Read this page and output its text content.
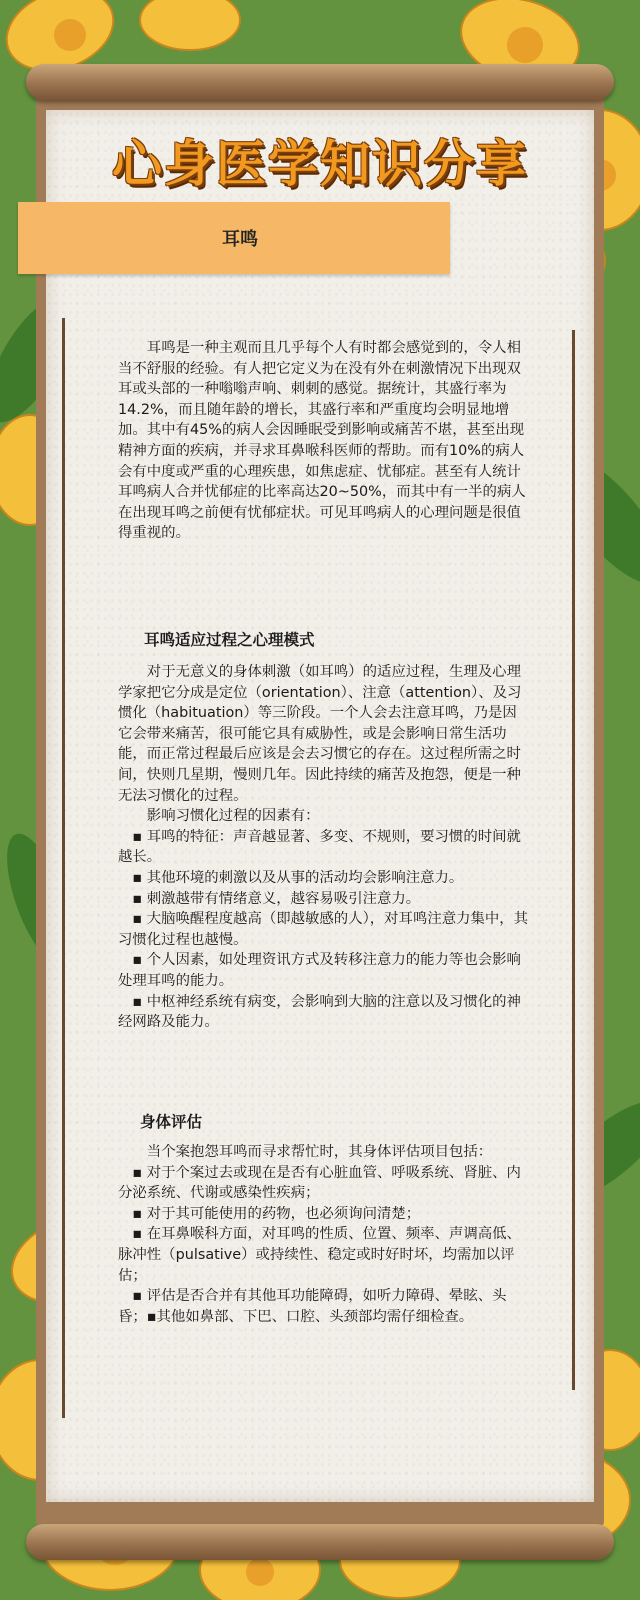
心身医学知识分享
耳鸣

耳鸣是一种主观而且几乎每个人有时都会感觉到的，令人相当不舒服的经验。有人把它定义为在没有外在刺激情况下出现双耳或头部的一种嗡嗡声响、刺刺的感觉。据统计，其盛行率为14.2%，而且随年龄的增长，其盛行率和严重度均会明显地增加。其中有45%的病人会因睡眠受到影响或痛苦不堪，甚至出现精神方面的疾病，并寻求耳鼻喉科医师的帮助。而有10%的病人会有中度或严重的心理疾患，如焦虑症、忧郁症。甚至有人统计耳鸣病人合并忧郁症的比率高达20~50%，而其中有一半的病人在出现耳鸣之前便有忧郁症状。可见耳鸣病人的心理问题是很值得重视的。

耳鸣适应过程之心理模式

对于无意义的身体刺激（如耳鸣）的适应过程，生理及心理学家把它分成是定位（orientation）、注意（attention）、及习惯化（habituation）等三阶段。一个人会去注意耳鸣，乃是因它会带来痛苦，很可能它具有威胁性，或是会影响日常生活功能，而正常过程最后应该是会去习惯它的存在。这过程所需之时间，快则几星期，慢则几年。因此持续的痛苦及抱怨，便是一种无法习惯化的过程。

影响习惯化过程的因素有：

▪ 耳鸣的特征：声音越显著、多变、不规则，要习惯的时间就越长。

▪ 其他环境的刺激以及从事的活动均会影响注意力。

▪ 刺激越带有情绪意义，越容易吸引注意力。

▪ 大脑唤醒程度越高（即越敏感的人），对耳鸣注意力集中，其习惯化过程也越慢。

▪ 个人因素，如处理资讯方式及转移注意力的能力等也会影响处理耳鸣的能力。

▪ 中枢神经系统有病变，会影响到大脑的注意以及习惯化的神经网路及能力。

身体评估

当个案抱怨耳鸣而寻求帮忙时，其身体评估项目包括：

▪ 对于个案过去或现在是否有心脏血管、呼吸系统、肾脏、内分泌系统、代谢或感染性疾病；

▪ 对于其可能使用的药物，也必须询问清楚；

▪ 在耳鼻喉科方面，对耳鸣的性质、位置、频率、声调高低、脉冲性（pulsative）或持续性、稳定或时好时坏，均需加以评估；

▪ 评估是否合并有其他耳功能障碍，如听力障碍、晕眩、头昏；▪其他如鼻部、下巴、口腔、头颈部均需仔细检查。
